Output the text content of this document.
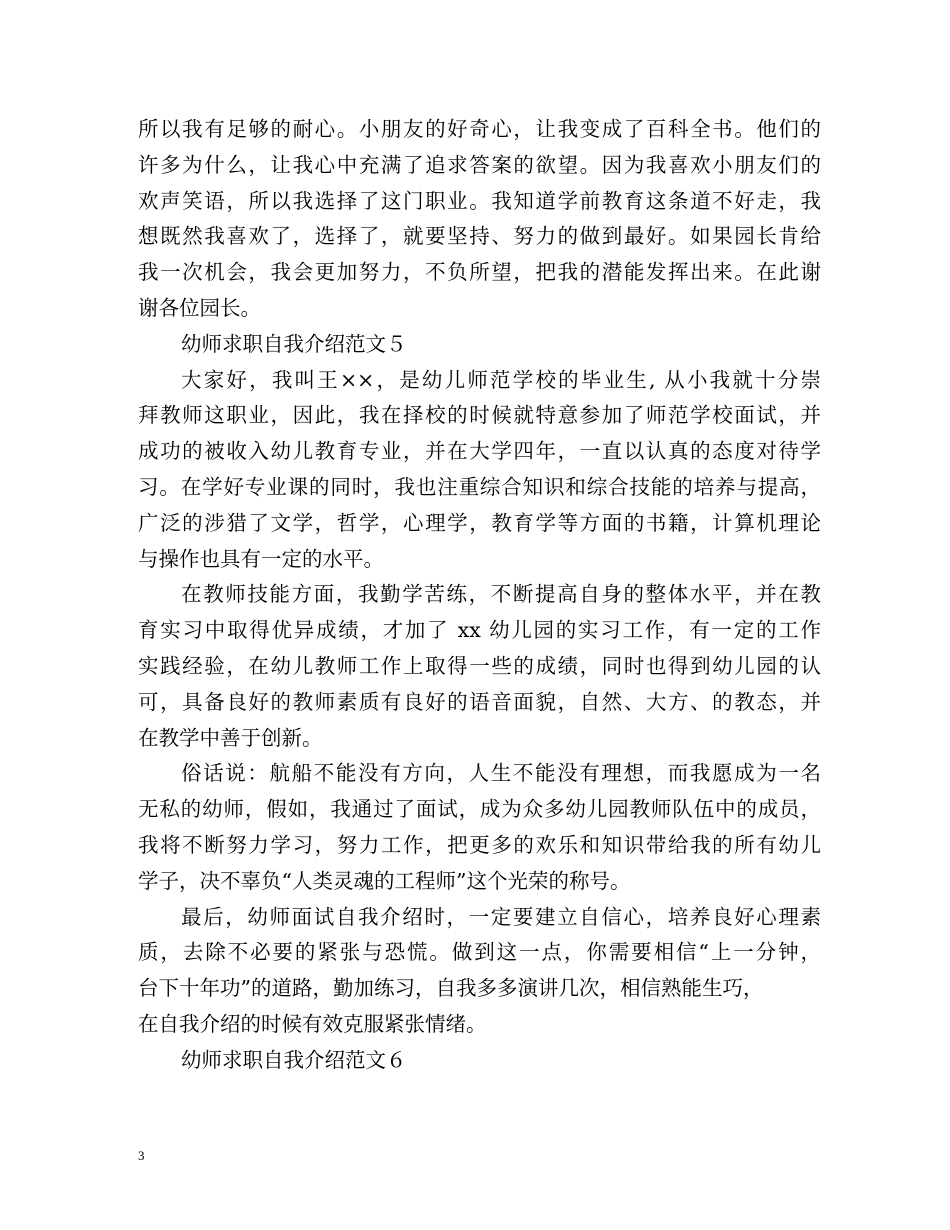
所以我有足够的耐心。小朋友的好奇心，让我变成了百科全书。他们的
许多为什么，让我心中充满了追求答案的欲望。因为我喜欢小朋友们的
欢声笑语，所以我选择了这门职业。我知道学前教育这条道不好走，我
想既然我喜欢了，选择了，就要坚持、努力的做到最好。如果园长肯给
我一次机会，我会更加努力，不负所望，把我的潜能发挥出来。在此谢
谢各位园长。
幼师求职自我介绍范文５
大家好，我叫王××，是幼儿师范学校的毕业生, 从小我就十分崇
拜教师这职业，因此，我在择校的时候就特意参加了师范学校面试，并
成功的被收入幼儿教育专业，并在大学四年，一直以认真的态度对待学
习。在学好专业课的同时，我也注重综合知识和综合技能的培养与提高，
广泛的涉猎了文学，哲学，心理学，教育学等方面的书籍，计算机理论
与操作也具有一定的水平。
在教师技能方面，我勤学苦练，不断提高自身的整体水平，并在教
育实习中取得优异成绩，才加了 xx 幼儿园的实习工作，有一定的工作
实践经验，在幼儿教师工作上取得一些的成绩，同时也得到幼儿园的认
可，具备良好的教师素质有良好的语音面貌，自然、大方、的教态，并
在教学中善于创新。
俗话说：航船不能没有方向，人生不能没有理想，而我愿成为一名
无私的幼师，假如，我通过了面试，成为众多幼儿园教师队伍中的成员，
我将不断努力学习，努力工作，把更多的欢乐和知识带给我的所有幼儿
学子，决不辜负“人类灵魂的工程师”这个光荣的称号。
最后，幼师面试自我介绍时，一定要建立自信心，培养良好心理素
质，去除不必要的紧张与恐慌。做到这一点，你需要相信“上一分钟，
台下十年功”的道路，勤加练习，自我多多演讲几次，相信熟能生巧，
在自我介绍的时候有效克服紧张情绪。
幼师求职自我介绍范文６
3
